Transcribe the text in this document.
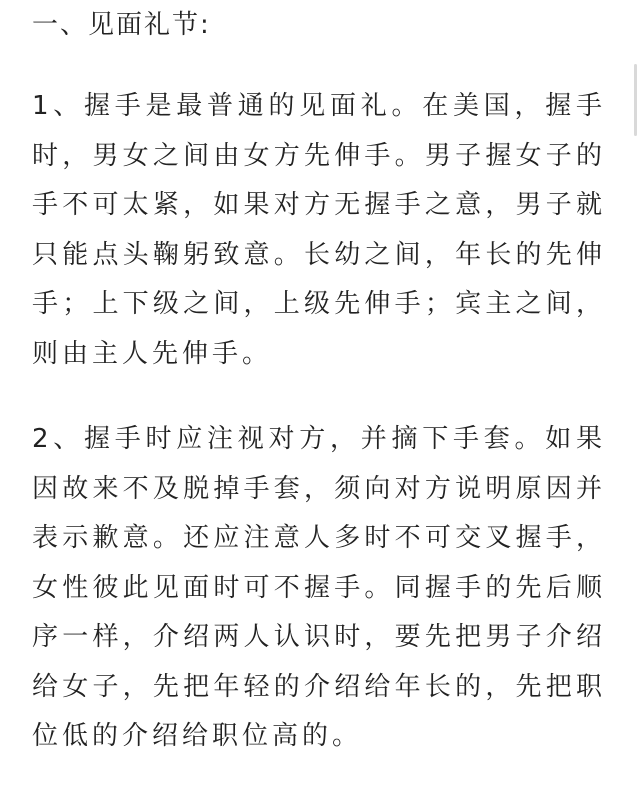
一、见面礼节:

1、握手是最普通的见面礼。在美国，握手时，男女之间由女方先伸手。男子握女子的手不可太紧，如果对方无握手之意，男子就只能点头鞠躬致意。长幼之间，年长的先伸手；上下级之间，上级先伸手；宾主之间，则由主人先伸手。

2、握手时应注视对方，并摘下手套。如果因故来不及脱掉手套，须向对方说明原因并表示歉意。还应注意人多时不可交叉握手，女性彼此见面时可不握手。同握手的先后顺序一样，介绍两人认识时，要先把男子介绍给女子，先把年轻的介绍给年长的，先把职位低的介绍给职位高的。
